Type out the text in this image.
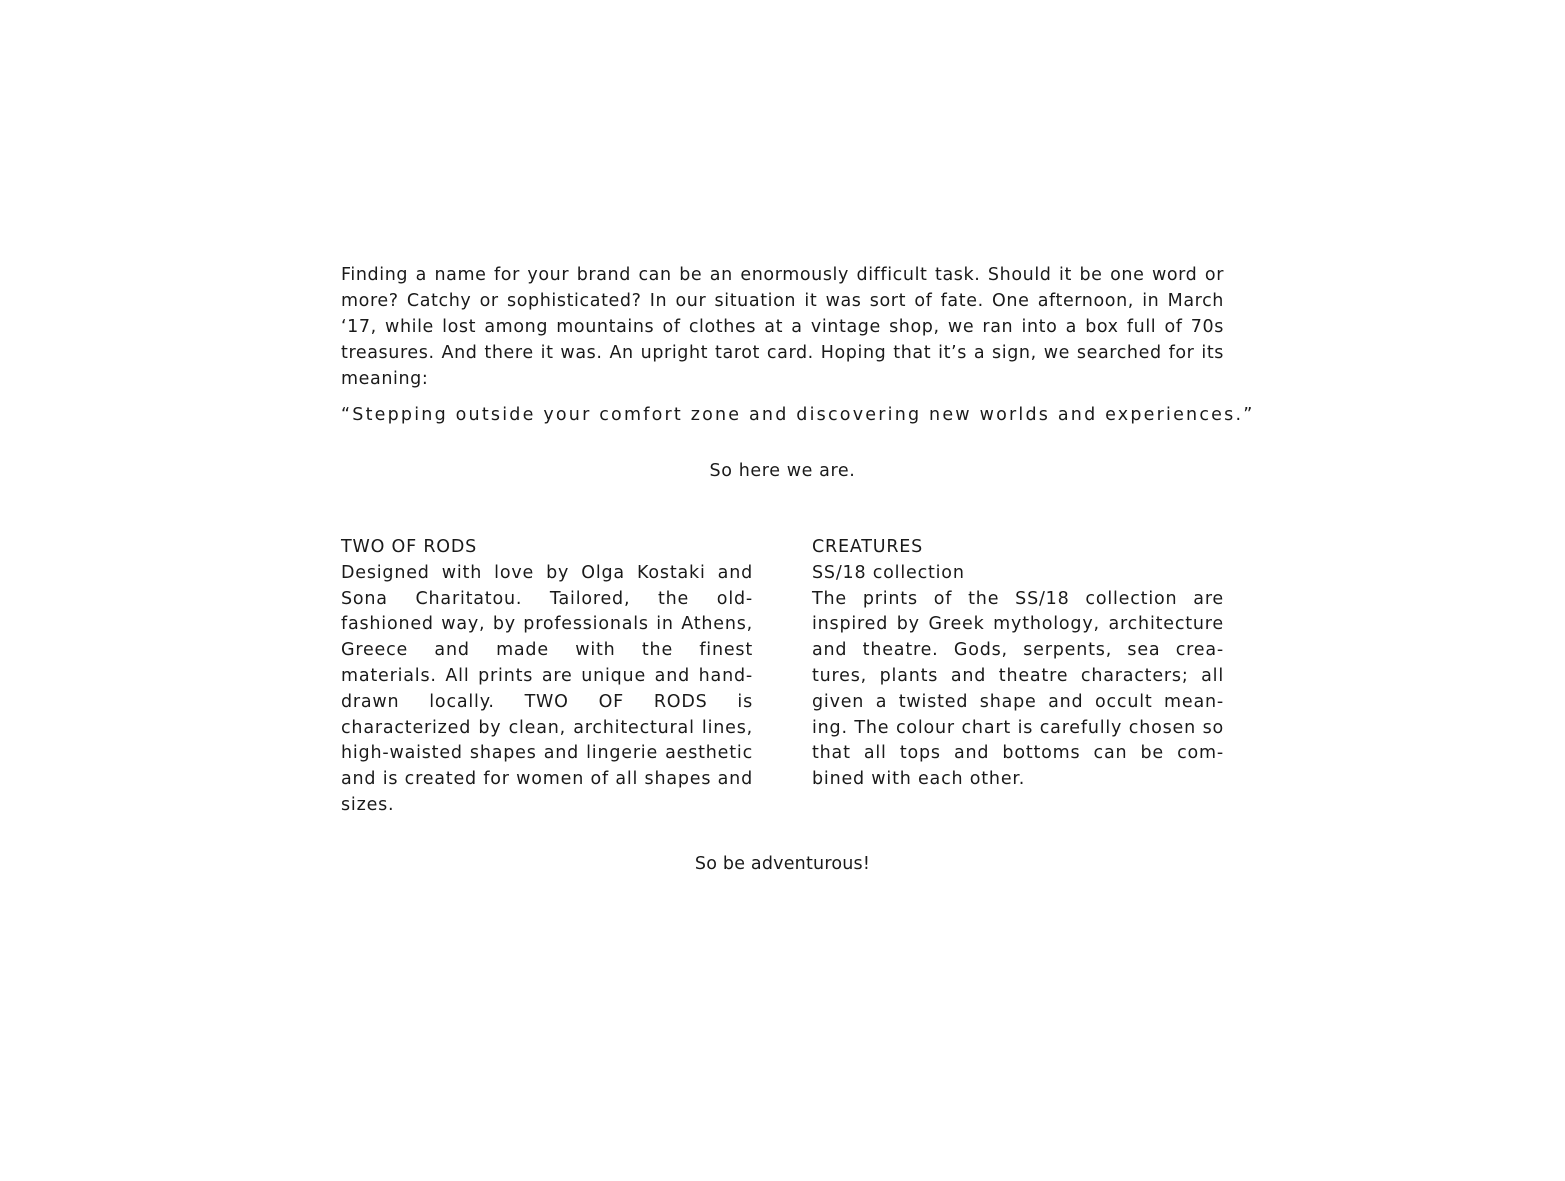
Finding a name for your brand can be an enormously difficult task. Should it be one word or more? Catchy or sophisticated? In our situation it was sort of fate. One afternoon, in March ‘17, while lost among mountains of clothes at a vintage shop, we ran into a box full of 70s treasures. And there it was. An upright tarot card. Hoping that it’s a sign, we searched for its meaning:

“Stepping outside your comfort zone and discovering new worlds and experiences.”

So here we are.

TWO OF RODS
Designed with love by Olga Kostaki and Sona Charitatou. Tailored, the old-fashioned way, by professionals in Athens, Greece and made with the finest materials. All prints are unique and hand-drawn locally. TWO OF RODS is characterized by clean, architectural lines, high-waisted shapes and lingerie aesthetic and is created for women of all shapes and sizes.
CREATURES
SS/18 collection
The prints of the SS/18 collection are inspired by Greek mythology, architecture and theatre. Gods, serpents, sea crea-tures, plants and theatre characters; all given a twisted shape and occult mean-ing. The colour chart is carefully chosen so that all tops and bottoms can be com-bined with each other.

So be adventurous!
